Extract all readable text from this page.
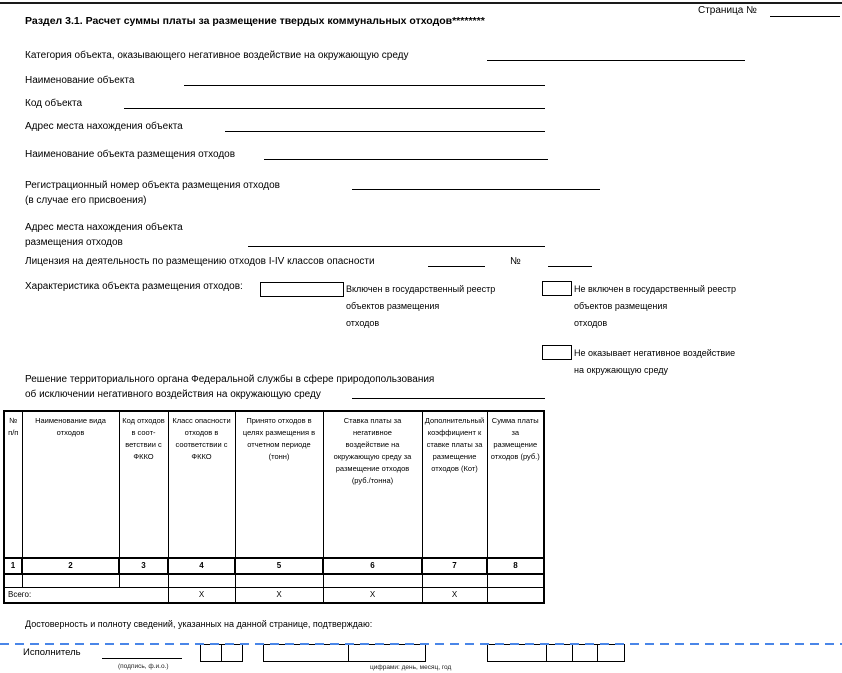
Страница №
Раздел 3.1. Расчет суммы платы за размещение твердых коммунальных отходов********
Категория объекта, оказывающего негативное воздействие на окружающую среду
Наименование объекта
Код объекта
Адрес места нахождения объекта
Наименование объекта размещения отходов
Регистрационный номер объекта размещения отходов
(в случае его присвоения)
Адрес места нахождения объекта
размещения отходов
Лицензия на деятельность по размещению отходов I-IV классов опасности	№
Характеристика объекта размещения отходов:	Включен в государственный реестр
объектов размещения
отходов
Не включен в государственный реестр
объектов размещения
отходов
Не оказывает негативное воздействие
на окружающую среду
Решение территориального органа Федеральной службы в сфере природопользования
об исключении негативного воздействия на окружающую среду
№ п/п	Наименование вида отходов	Код отходов в соответствии с ФККО	Класс опасности отходов в соответствии с ФККО	Принято отходов в целях размещения в отчетном периоде (тонн)	Ставка платы за негативное воздействие на окружающую среду за размещение отходов (руб./тонна)	Дополнительный коэффициент к ставке платы за размещение отходов (Кот)	Сумма платы за размещение отходов (руб.)
1	2	3	4	5	6	7	8

Всего:			Х	Х	Х	Х	
Достоверность и полноту сведений, указанных на данной странице, подтверждаю:
Исполнитель
(подпись, ф.и.о.)	цифрами: день, месяц, год
